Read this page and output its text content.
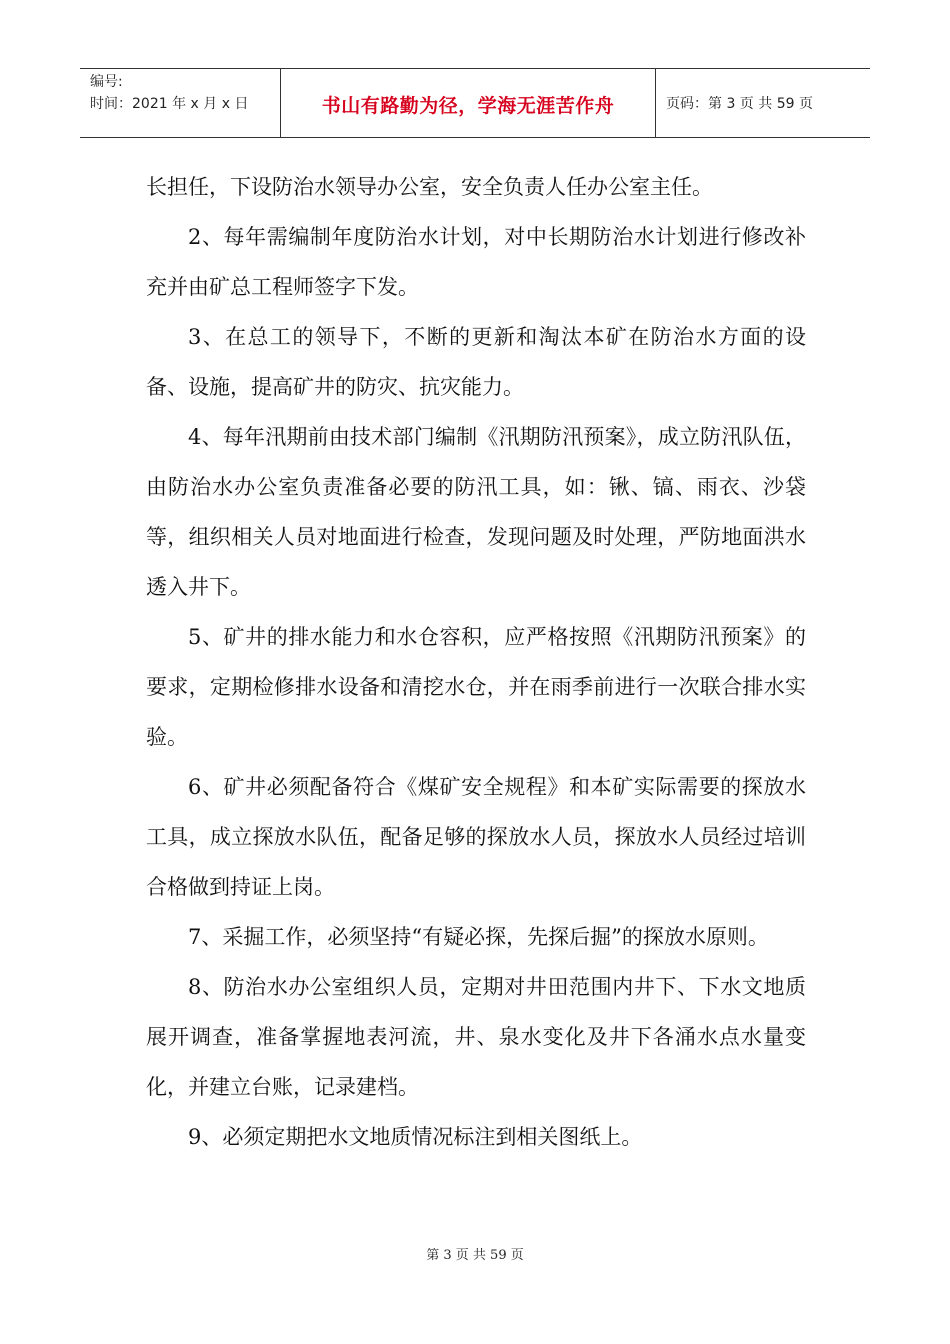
编号:
时间：2021 年 x 月 x 日	书山有路勤为径，学海无涯苦作舟	页码：第 3 页 共 59 页

长担任，下设防治水领导办公室，安全负责人任办公室主任。

2、每年需编制年度防治水计划，对中长期防治水计划进行修改补充并由矿总工程师签字下发。

3、在总工的领导下，不断的更新和淘汰本矿在防治水方面的设备、设施，提高矿井的防灾、抗灾能力。

4、每年汛期前由技术部门编制《汛期防汛预案》，成立防汛队伍，由防治水办公室负责准备必要的防汛工具，如：锹、镐、雨衣、沙袋等，组织相关人员对地面进行检查，发现问题及时处理，严防地面洪水透入井下。

5、矿井的排水能力和水仓容积，应严格按照《汛期防汛预案》的要求，定期检修排水设备和清挖水仓，并在雨季前进行一次联合排水实验。

6、矿井必须配备符合《煤矿安全规程》和本矿实际需要的探放水工具，成立探放水队伍，配备足够的探放水人员，探放水人员经过培训合格做到持证上岗。

7、采掘工作，必须坚持“有疑必探，先探后掘”的探放水原则。

8、防治水办公室组织人员，定期对井田范围内井下、下水文地质展开调查，准备掌握地表河流，井、泉水变化及井下各涌水点水量变化，并建立台账，记录建档。

9、必须定期把水文地质情况标注到相关图纸上。

第 3 页 共 59 页
